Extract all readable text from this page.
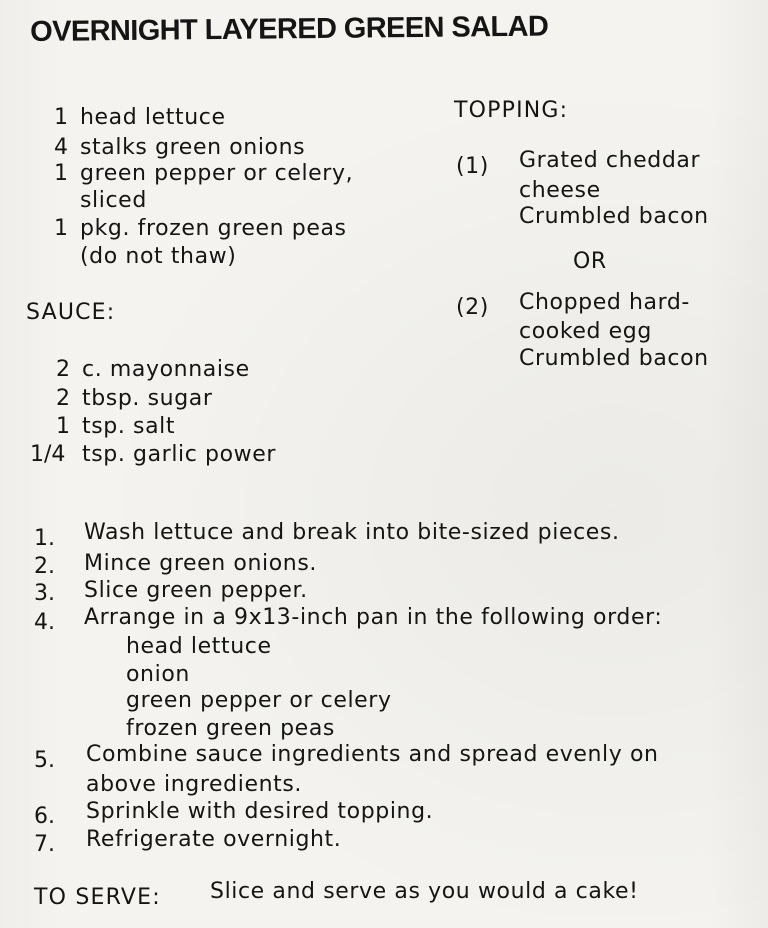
OVERNIGHT LAYERED GREEN SALAD
1 head lettuce
4 stalks green onions
1 green pepper or celery,
sliced
1 pkg. frozen green peas
(do not thaw)
SAUCE:
2 c. mayonnaise
2 tbsp. sugar
1 tsp. salt
1/4 tsp. garlic power
TOPPING:
(1) Grated cheddar
cheese
Crumbled bacon
OR
(2) Chopped hard-
cooked egg
Crumbled bacon
1. Wash lettuce and break into bite-sized pieces.
2. Mince green onions.
3. Slice green pepper.
4. Arrange in a 9x13-inch pan in the following order:
head lettuce
onion
green pepper or celery
frozen green peas
5. Combine sauce ingredients and spread evenly on
above ingredients.
6. Sprinkle with desired topping.
7. Refrigerate overnight.
TO SERVE: Slice and serve as you would a cake!
